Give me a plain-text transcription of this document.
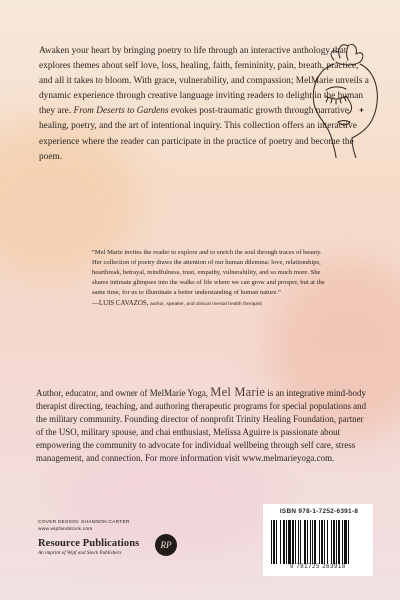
Awaken your heart by bringing poetry to life through an interactive anthology that explores themes about self love, loss, healing, faith, femininity, pain, breath, practice, and all it takes to bloom. With grace, vulnerability, and compassion; MelMarie unveils a dynamic experience through creative language inviting readers to delight in the human they are. From Deserts to Gardens evokes post-traumatic growth through narrative healing, poetry, and the art of intentional inquiry. This collection offers an interactive experience where the reader can participate in the practice of poetry and become the poem.

“Mel Marie invites the reader to explore and to enrich the soul through traces of beauty. Her collection of poetry draws the attention of our human dilemma: love, relationships, heartbreak, betrayal, mindfulness, trust, empathy, vulnerability, and so much more. She shares intimate glimpses into the walks of life where we can grow and prosper, but at the same time, for us to illuminate a better understanding of human nature.”

—LUIS CAVAZOS, author, speaker, and clinical mental health therapist

Author, educator, and owner of MelMarie Yoga, Mel Marie is an integrative mind-body therapist directing, teaching, and authoring therapeutic programs for special populations and the military community. Founding director of nonprofit Trinity Healing Foundation, partner of the USO, military spouse, and chai enthusiast, Melissa Aguirre is passionate about empowering the community to advocate for individual wellbeing through self care, stress management, and connection. For more information visit www.melmarieyoga.com.

COVER DESIGN: SHANNON CARTER
www.wipfandstock.com
Resource Publications
An imprint of Wipf and Stock Publishers
RP
ISBN 978-1-7252-6391-8
9 781725 263918
